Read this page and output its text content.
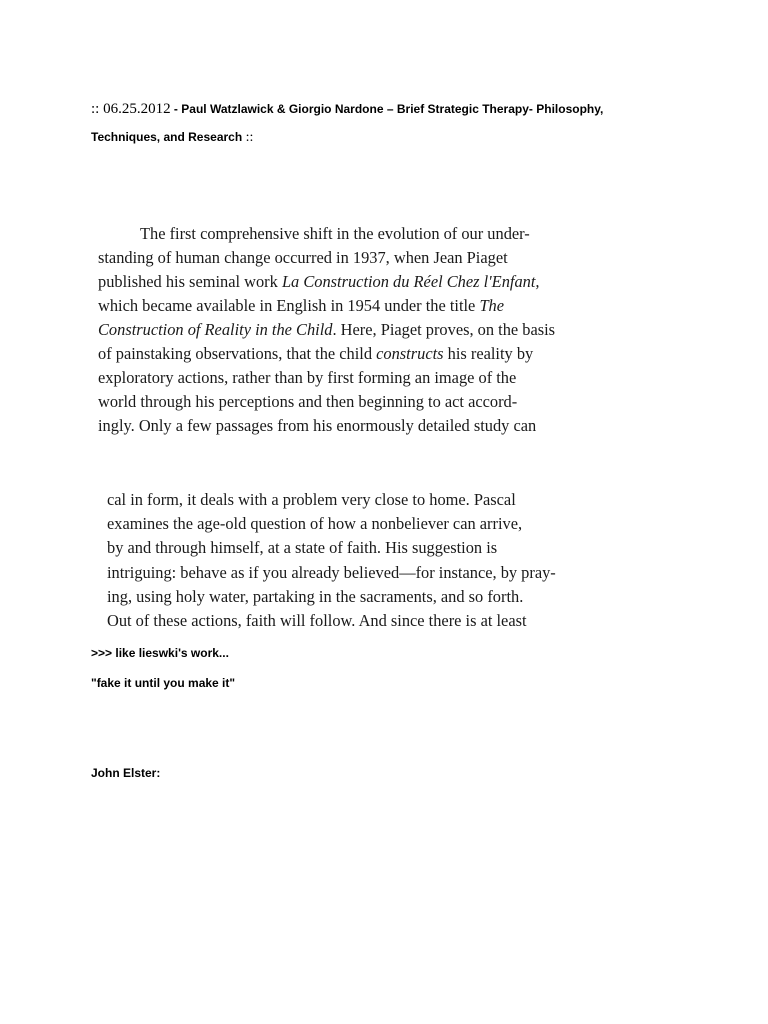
:: 06.25.2012 - Paul Watzlawick & Giorgio Nardone – Brief Strategic Therapy- Philosophy,
Techniques, and Research ::
The first comprehensive shift in the evolution of our under-
standing of human change occurred in 1937, when Jean Piaget
published his seminal work La Construction du Réel Chez l'Enfant,
which became available in English in 1954 under the title The
Construction of Reality in the Child. Here, Piaget proves, on the basis
of painstaking observations, that the child constructs his reality by
exploratory actions, rather than by first forming an image of the
world through his perceptions and then beginning to act accord-
ingly. Only a few passages from his enormously detailed study can
cal in form, it deals with a problem very close to home. Pascal
examines the age-old question of how a nonbeliever can arrive,
by and through himself, at a state of faith. His suggestion is
intriguing: behave as if you already believed—for instance, by pray-
ing, using holy water, partaking in the sacraments, and so forth.
Out of these actions, faith will follow. And since there is at least
>>> like lieswki's work...
"fake it until you make it"
John Elster:
